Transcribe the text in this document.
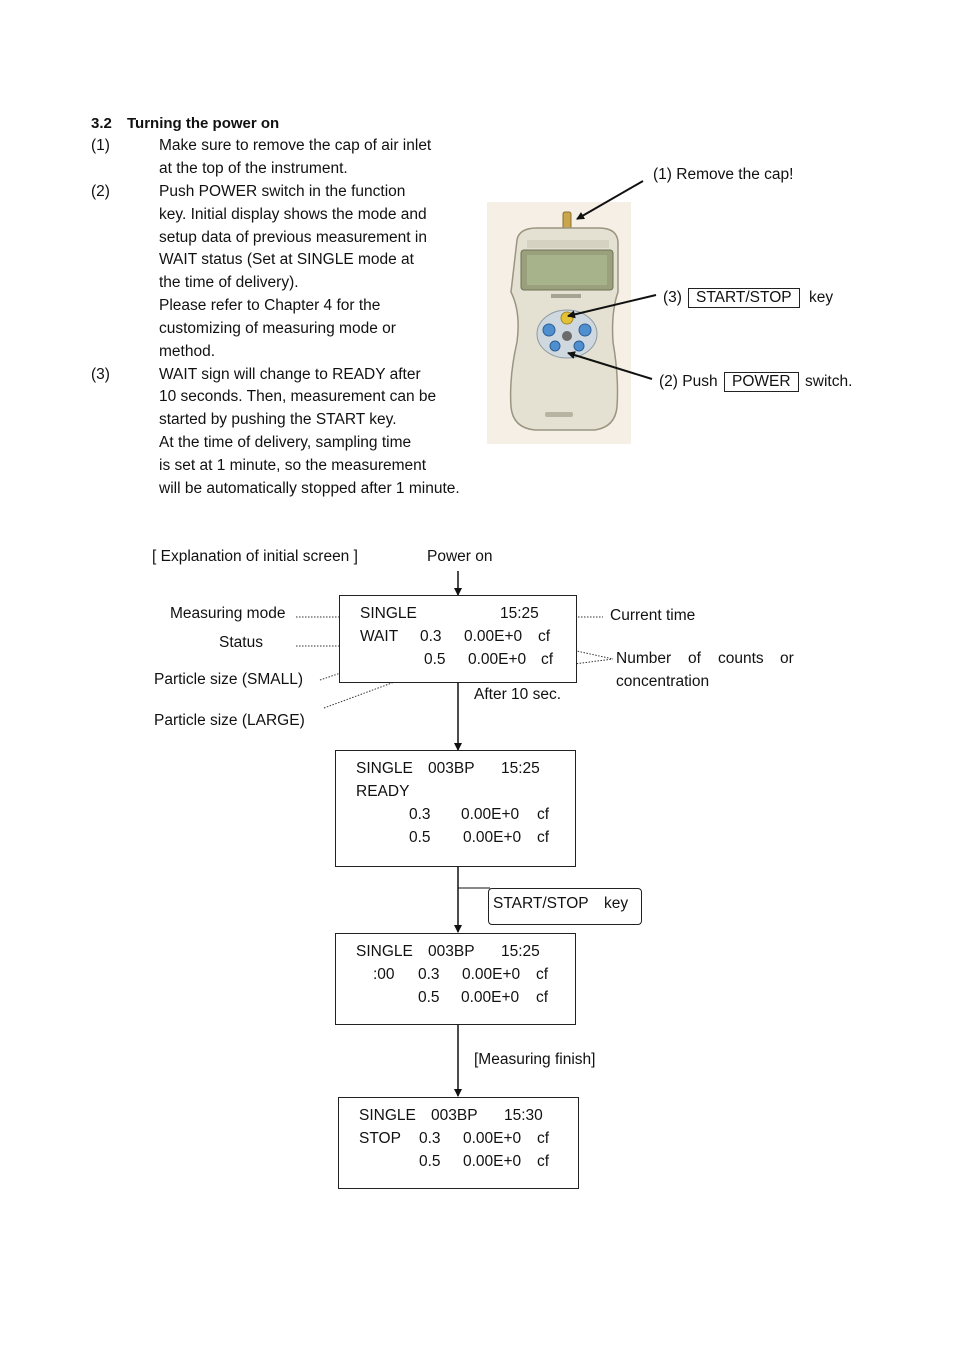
3.2 Turning the power on
(1)	Make sure to remove the cap of air inlet
at the top of the instrument.
(2)	Push POWER switch in the function
key. Initial display shows the mode and
setup data of previous measurement in
WAIT status (Set at SINGLE mode at
the time of delivery).
Please refer to Chapter 4 for the
customizing of measuring mode or
method.
(3)	WAIT sign will change to READY after
10 seconds. Then, measurement can be
started by pushing the START key.
At the time of delivery, sampling time
is set at 1 minute, so the measurement
will be automatically stopped after 1 minute.
(1) Remove the cap!
(3) START/STOP	key
(2) Push POWER switch.
[ Explanation of initial screen ]	Power on
Measuring mode
Status
Particle size (SMALL)
Particle size (LARGE)
Current time
Number of counts or
concentration
After 10 sec.
START/STOP key
[Measuring finish]
SINGLE	15:25
WAIT 0.3 0.00E+0 cf
0.5 0.00E+0 cf
SINGLE 003BP 15:25
READY
0.3 0.00E+0 cf
0.5 0.00E+0 cf
SINGLE 003BP 15:25
:00 0.3 0.00E+0 cf
0.5 0.00E+0 cf
SINGLE 003BP 15:30
STOP 0.3 0.00E+0 cf
0.5 0.00E+0 cf
